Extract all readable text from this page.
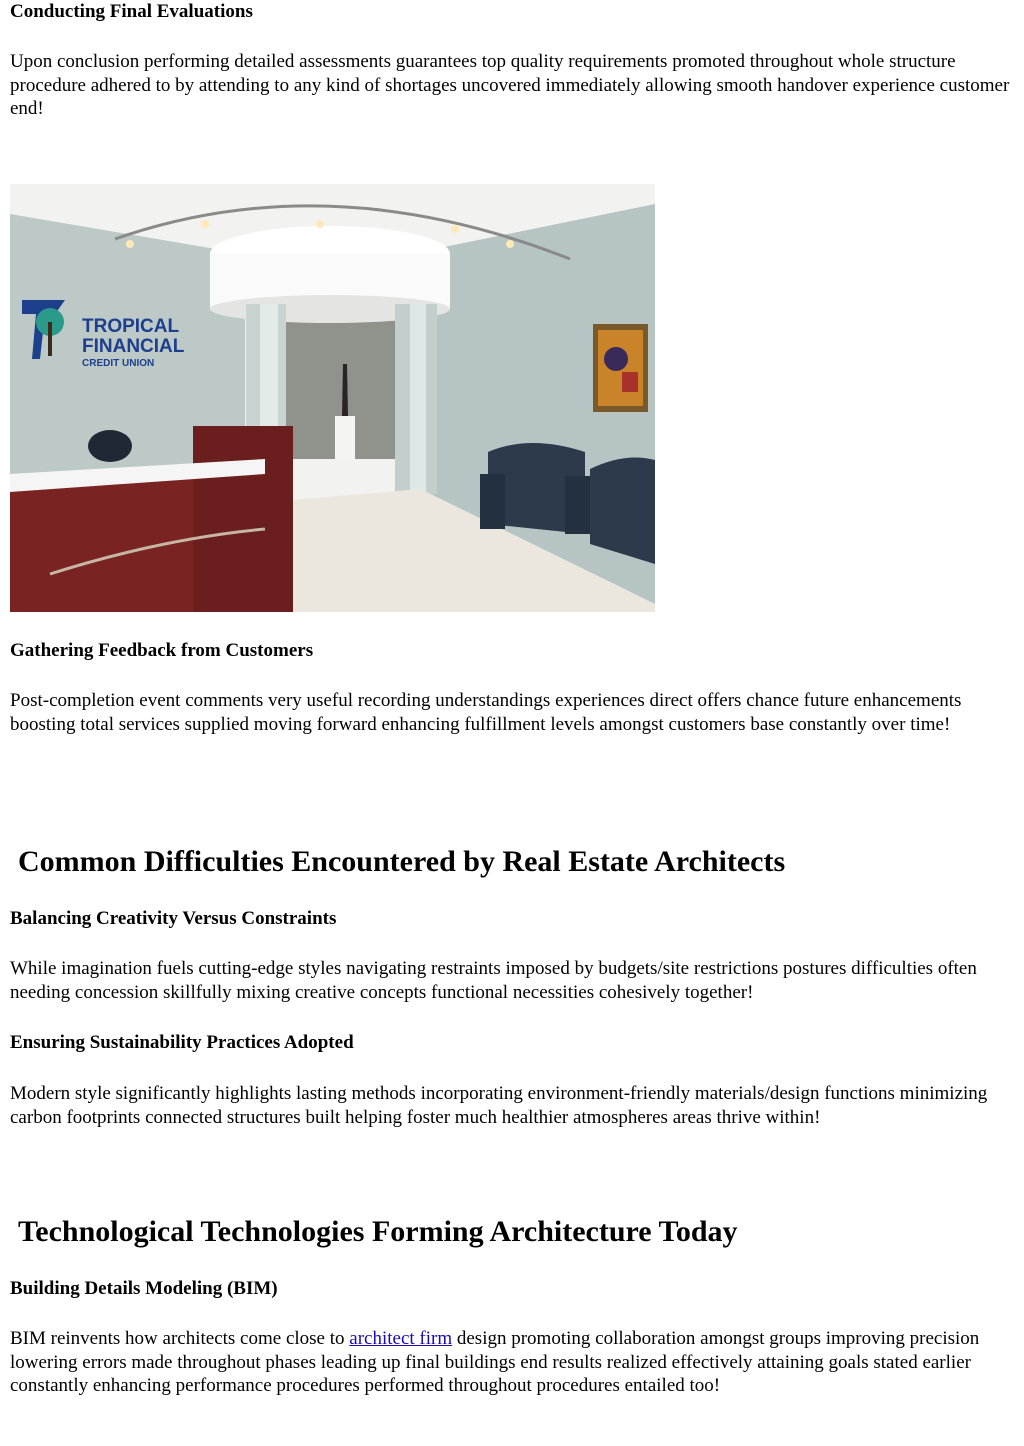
Conducting Final Evaluations

Upon conclusion performing detailed assessments guarantees top quality requirements promoted throughout whole structure procedure adhered to by attending to any kind of shortages uncovered immediately allowing smooth handover experience customer end!

TROPICAL
FINANCIAL
CREDIT UNION
Gathering Feedback from Customers

Post-completion event comments very useful recording understandings experiences direct offers chance future enhancements boosting total services supplied moving forward enhancing fulfillment levels amongst customers base constantly over time!

Common Difficulties Encountered by Real Estate Architects
Balancing Creativity Versus Constraints

While imagination fuels cutting-edge styles navigating restraints imposed by budgets/site restrictions postures difficulties often needing concession skillfully mixing creative concepts functional necessities cohesively together!

Ensuring Sustainability Practices Adopted

Modern style significantly highlights lasting methods incorporating environment-friendly materials/design functions minimizing carbon footprints connected structures built helping foster much healthier atmospheres areas thrive within!

Technological Technologies Forming Architecture Today
Building Details Modeling (BIM)

BIM reinvents how architects come close to architect firm design promoting collaboration amongst groups improving precision lowering errors made throughout phases leading up final buildings end results realized effectively attaining goals stated earlier constantly enhancing performance procedures performed throughout procedures entailed too!
